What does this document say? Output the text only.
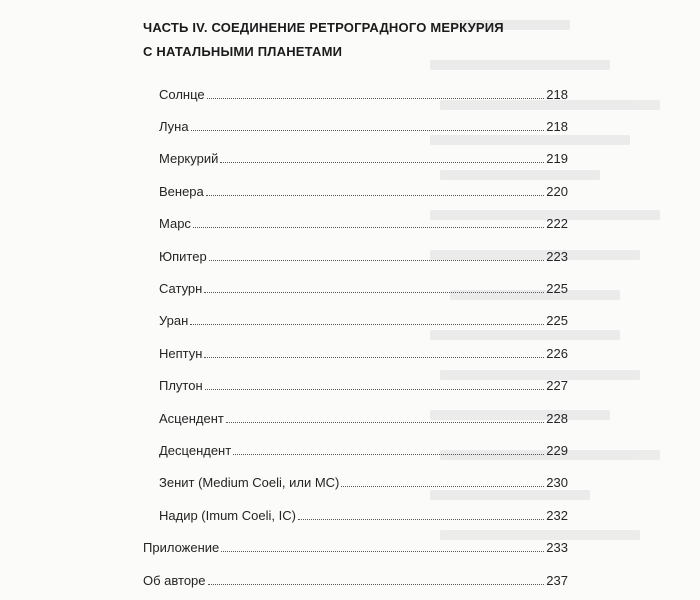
ЧАСТЬ IV. СОЕДИНЕНИЕ РЕТРОГРАДНОГО МЕРКУРИЯ
С НАТАЛЬНЫМИ ПЛАНЕТАМИ
Солнце	218
Луна	218
Меркурий	219
Венера	220
Марс	222
Юпитер	223
Сатурн	225
Уран	225
Нептун	226
Плутон	227
Асцендент	228
Десцендент	229
Зенит (Medium Coeli, или MC)	230
Надир (Imum Coeli, IC)	232
Приложение	233
Об авторе	237
